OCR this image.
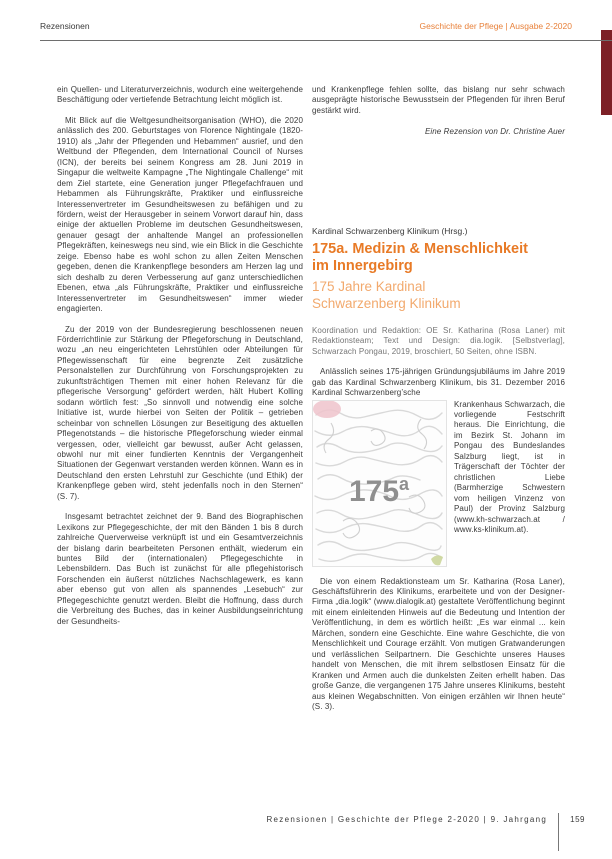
Rezensionen	Geschichte der Pflege | Ausgabe 2-2020

ein Quellen- und Literaturverzeichnis, wodurch eine weitergehende Beschäftigung oder vertiefende Betrachtung leicht möglich ist.

Mit Blick auf die Weltgesundheitsorganisation (WHO), die 2020 anlässlich des 200. Geburtstages von Florence Nightingale (1820-1910) als „Jahr der Pflegenden und Hebammen“ ausrief, und den Weltbund der Pflegenden, dem International Council of Nurses (ICN), der bereits bei seinem Kongress am 28. Juni 2019 in Singapur die weltweite Kampagne „The Nightingale Challenge“ mit dem Ziel startete, eine Generation junger Pflegefachfrauen und Hebammen als Führungskräfte, Praktiker und einflussreiche Interessenvertreter im Gesundheitswesen zu befähigen und zu fördern, weist der Herausgeber in seinem Vorwort darauf hin, dass einige der aktuellen Probleme im deutschen Gesundheitswesen, genauer gesagt der anhaltende Mangel an professionellen Pflegekräften, keineswegs neu sind, wie ein Blick in die Geschichte zeige. Ebenso habe es wohl schon zu allen Zeiten Menschen gegeben, denen die Krankenpflege besonders am Herzen lag und sich deshalb zu deren Verbesserung auf ganz unterschiedlichen Ebenen, etwa „als Führungskräfte, Praktiker und einflussreiche Interessenvertreter im Gesundheitswesen“ immer wieder engagierten.

Zu der 2019 von der Bundesregierung beschlossenen neuen Förderrichtlinie zur Stärkung der Pflegeforschung in Deutschland, wozu „an neu eingerichteten Lehrstühlen oder Abteilungen für Pflegewissenschaft für eine begrenzte Zeit zusätzliche Personalstellen zur Durchführung von Forschungsprojekten zu zukunftsträchtigen Themen mit einer hohen Relevanz für die pflegerische Versorgung“ gefördert werden, hält Hubert Kolling sodann wörtlich fest: „So sinnvoll und notwendig eine solche Initiative ist, wurde hierbei von Seiten der Politik – getrieben scheinbar von schnellen Lösungen zur Beseitigung des aktuellen Pflegenotstands – die historische Pflegeforschung wieder einmal vergessen, oder, vielleicht gar bewusst, außer Acht gelassen, obwohl nur mit einer fundierten Kenntnis der Vergangenheit Situationen der Gegenwart verstanden werden können. Wann es in Deutschland den ersten Lehrstuhl zur Geschichte (und Ethik) der Krankenpflege geben wird, steht jedenfalls noch in den Sternen“ (S. 7).

Insgesamt betrachtet zeichnet der 9. Band des Biographischen Lexikons zur Pflegegeschichte, der mit den Bänden 1 bis 8 durch zahlreiche Querverweise verknüpft ist und ein Gesamtverzeichnis der bislang darin bearbeiteten Personen enthält, wiederum ein buntes Bild der (internationalen) Pflegegeschichte in Lebensbildern. Das Buch ist zunächst für alle pflegehistorisch Forschenden ein äußerst nützliches Nachschlagewerk, es kann aber ebenso gut von allen als spannendes „Lesebuch“ zur Pflegegeschichte genutzt werden. Bleibt die Hoffnung, dass durch die Verbreitung des Buches, das in keiner Ausbildungseinrichtung der Gesundheits-

und Krankenpflege fehlen sollte, das bislang nur sehr schwach ausgeprägte historische Bewusstsein der Pflegenden für ihren Beruf gestärkt wird.

Eine Rezension von Dr. Christine Auer

Kardinal Schwarzenberg Klinikum (Hrsg.)
175a. Medizin & Menschlichkeit
im Innergebirg
175 Jahre Kardinal
Schwarzenberg Klinikum

Koordination und Redaktion: OE Sr. Katharina (Rosa Laner) mit Redaktionsteam; Text und Design: dia.logik. [Selbstverlag], Schwarzach Pongau, 2019, broschiert, 50 Seiten, ohne ISBN.

Anlässlich seines 175-jährigen Gründungsjubiläums im Jahre 2019 gab das Kardinal Schwarzenberg Klinikum, bis 31. Dezember 2016 Kardinal Schwarzenberg’sche

175a

Krankenhaus Schwarzach, die vorliegende Festschrift heraus. Die Einrichtung, die im Bezirk St. Johann im Pongau des Bundeslandes Salzburg liegt, ist in Trägerschaft der Töchter der christlichen Liebe (Barmherzige Schwestern vom heiligen Vinzenz von Paul) der Provinz Salzburg (www.kh-schwarzach.at / www.ks-klinikum.at).

Die von einem Redaktionsteam um Sr. Katharina (Rosa Laner), Geschäftsführerin des Klinikums, erarbeitete und von der Designer-Firma „dia.logik“ (www.dialogik.at) gestaltete Veröffentlichung beginnt mit einem einleitenden Hinweis auf die Bedeutung und Intention der Veröffentlichung, in dem es wörtlich heißt: „Es war einmal ... kein Märchen, sondern eine Geschichte. Eine wahre Geschichte, die von Menschlichkeit und Courage erzählt. Von mutigen Gratwanderungen und verlässlichen Seilpartnern. Die Geschichte unseres Hauses handelt von Menschen, die mit ihrem selbstlosen Einsatz für die Kranken und Armen auch die dunkelsten Zeiten erhellt haben. Das große Ganze, die vergangenen 175 Jahre unseres Klinikums, besteht aus kleinen Wegabschnitten. Von einigen erzählen wir Ihnen heute“ (S. 3).

Rezensionen | Geschichte der Pflege 2-2020 | 9. Jahrgang	159
